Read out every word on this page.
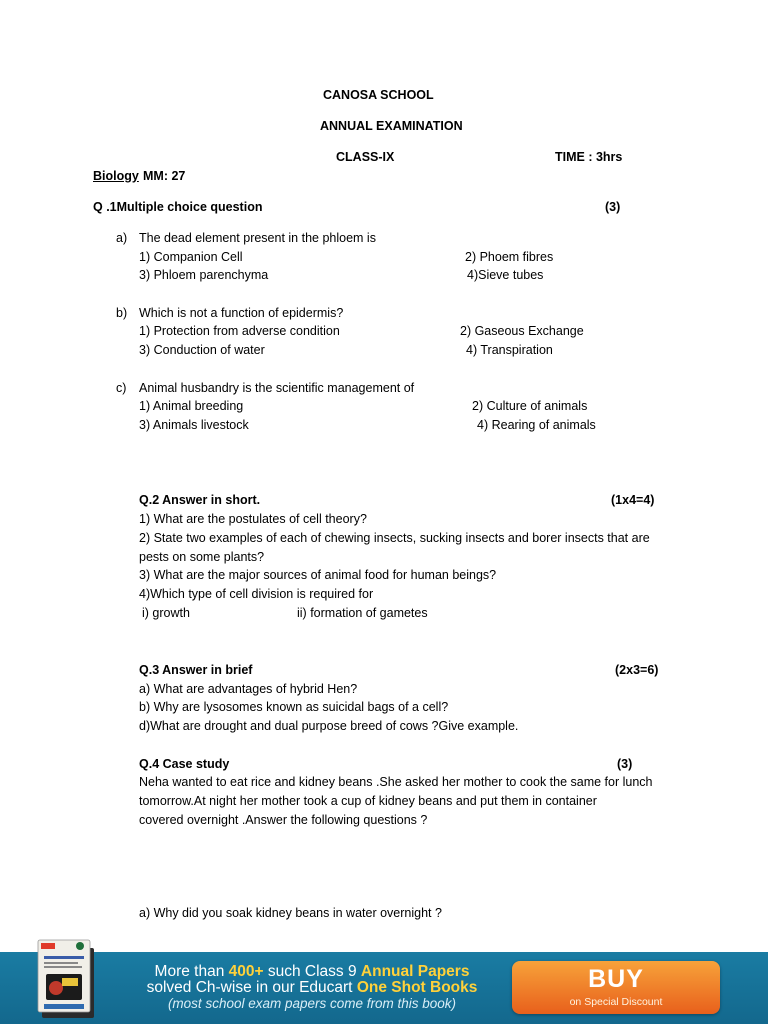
CANOSA SCHOOL
ANNUAL EXAMINATION
CLASS-IX	TIME : 3hrs
Biology MM: 27
Q .1Multiple choice question	(3)
a) The dead element present in the phloem is
1) Companion Cell	2) Phoem fibres
3) Phloem parenchyma	4)Sieve tubes
b) Which is not a function of epidermis?
1) Protection from adverse condition	2) Gaseous Exchange
3) Conduction of water	4) Transpiration
c) Animal husbandry is the scientific management of
1) Animal breeding	2) Culture of animals
3) Animals livestock	4) Rearing of animals
Q.2 Answer in short.	(1x4=4)
1) What are the postulates of cell theory?
2) State two examples of each of chewing insects, sucking insects and borer insects that are
pests on some plants?
3) What are the major sources of animal food for human beings?
4)Which type of cell division is required for
i) growth	ii) formation of gametes
Q.3 Answer in brief	(2x3=6)
a) What are advantages of hybrid Hen?
b) Why are lysosomes known as suicidal bags of a cell?
d)What are drought and dual purpose breed of cows ?Give example.
Q.4 Case study	(3)
Neha wanted to eat rice and kidney beans .She asked her mother to cook the same for lunch
tomorrow.At night her mother took a cup of kidney beans and put them in container
covered overnight .Answer the following questions ?
a) Why did you soak kidney beans in water overnight ?
More than 400+ such Class 9 Annual Papers
solved Ch-wise in our Educart One Shot Books
(most school exam papers come from this book)
BUY
on Special Discount
